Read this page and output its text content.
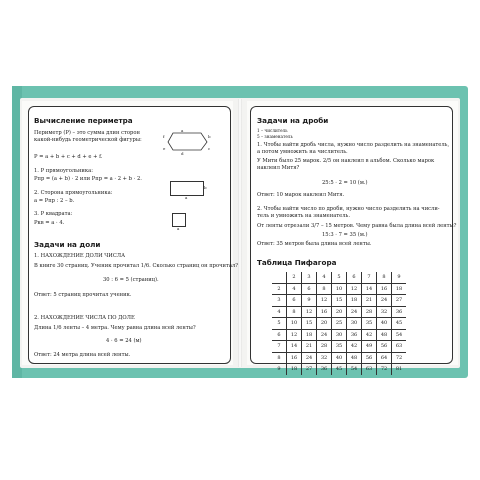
Вычисление периметра
Периметр (P) – это сумма длин сторон
какой-нибудь геометрической фигуры:
a
b
c
d
e
f
P = a + b + c + d + e + f.
1. P прямоугольника:
Pпр = (a + b) · 2 или Pпр = a · 2 + b · 2.
a
b
2. Сторона прямоугольника:
a = Pпр : 2 – b.
3. P квадрата:
Pкв = a · 4.
a
Задачи на доли
1. НАХОЖДЕНИЕ ДОЛИ ЧИСЛА
В книге 30 страниц. Ученик прочитал 1/6. Сколько страниц он прочитал?
30 : 6 = 5 (страниц).
Ответ: 5 страниц прочитал ученик.
2. НАХОЖДЕНИЕ ЧИСЛА ПО ДОЛЕ
Длина 1/6 ленты – 4 метра. Чему равна длина всей ленты?
4 · 6 = 24 (м)
Ответ: 24 метра длина всей ленты.
Задачи на дроби
1 – числитель
5 – знаменатель
1. Чтобы найти дробь числа, нужно число разделить на знаменатель,
а потом умножить на числитель.
У Мити было 25 марок. 2/5 он наклеил в альбом. Сколько марок
наклеил Митя?
25:5 · 2 = 10 (м.)
Ответ: 10 марок наклеил Митя.
2. Чтобы найти число по дроби, нужно число разделить на числи-
тель и умножить на знаменатель.
От ленты отрезали 3/7 – 15 метров. Чему равна была длина всей ленты?
15:3 · 7 = 35 (м.)
Ответ: 35 метров была длина всей ленты.
Таблица Пифагора
	2	3	4	5	6	7	8	9
2	4	6	8	10	12	14	16	18
3	6	9	12	15	18	21	24	27
4	8	12	16	20	24	28	32	36
5	10	15	20	25	30	35	40	45
6	12	18	24	30	36	42	48	54
7	14	21	28	35	42	49	56	63
8	16	24	32	40	48	56	64	72
9	18	27	36	45	54	63	72	81
